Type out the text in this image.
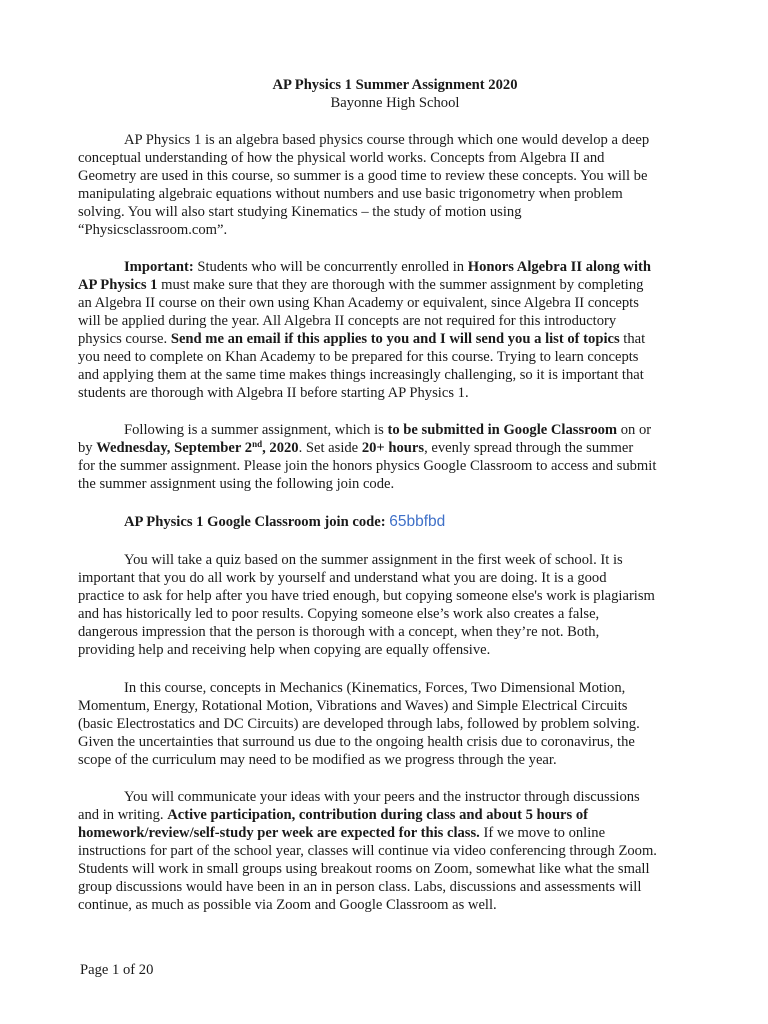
AP Physics 1 Summer Assignment 2020
Bayonne High School
AP Physics 1 is an algebra based physics course through which one would develop a deep
conceptual understanding of how the physical world works. Concepts from Algebra II and
Geometry are used in this course, so summer is a good time to review these concepts. You will be
manipulating algebraic equations without numbers and use basic trigonometry when problem
solving. You will also start studying Kinematics – the study of motion using
“Physicsclassroom.com”.
Important: Students who will be concurrently enrolled in Honors Algebra II along with
AP Physics 1 must make sure that they are thorough with the summer assignment by completing
an Algebra II course on their own using Khan Academy or equivalent, since Algebra II concepts
will be applied during the year. All Algebra II concepts are not required for this introductory
physics course. Send me an email if this applies to you and I will send you a list of topics that
you need to complete on Khan Academy to be prepared for this course. Trying to learn concepts
and applying them at the same time makes things increasingly challenging, so it is important that
students are thorough with Algebra II before starting AP Physics 1.
Following is a summer assignment, which is to be submitted in Google Classroom on or
by Wednesday, September 2nd, 2020. Set aside 20+ hours, evenly spread through the summer
for the summer assignment. Please join the honors physics Google Classroom to access and submit
the summer assignment using the following join code.
AP Physics 1 Google Classroom join code: 65bbfbd
You will take a quiz based on the summer assignment in the first week of school. It is
important that you do all work by yourself and understand what you are doing. It is a good
practice to ask for help after you have tried enough, but copying someone else's work is plagiarism
and has historically led to poor results. Copying someone else’s work also creates a false,
dangerous impression that the person is thorough with a concept, when they’re not. Both,
providing help and receiving help when copying are equally offensive.
In this course, concepts in Mechanics (Kinematics, Forces, Two Dimensional Motion,
Momentum, Energy, Rotational Motion, Vibrations and Waves) and Simple Electrical Circuits
(basic Electrostatics and DC Circuits) are developed through labs, followed by problem solving.
Given the uncertainties that surround us due to the ongoing health crisis due to coronavirus, the
scope of the curriculum may need to be modified as we progress through the year.
You will communicate your ideas with your peers and the instructor through discussions
and in writing. Active participation, contribution during class and about 5 hours of
homework/review/self-study per week are expected for this class. If we move to online
instructions for part of the school year, classes will continue via video conferencing through Zoom.
Students will work in small groups using breakout rooms on Zoom, somewhat like what the small
group discussions would have been in an in person class. Labs, discussions and assessments will
continue, as much as possible via Zoom and Google Classroom as well.
Page 1 of 20
